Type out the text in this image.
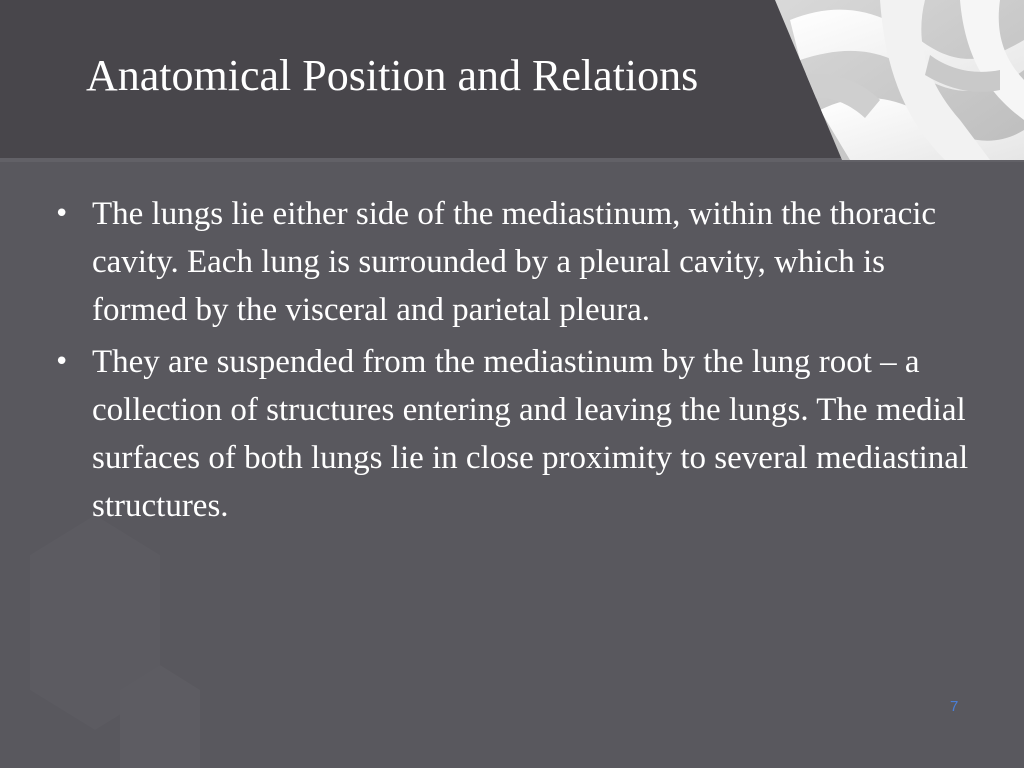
Anatomical Position and Relations
• The lungs lie either side of the mediastinum, within the thoracic cavity. Each lung is surrounded by a pleural cavity, which is formed by the visceral and parietal pleura.
• They are suspended from the mediastinum by the lung root – a collection of structures entering and leaving the lungs. The medial surfaces of both lungs lie in close proximity to several mediastinal structures.
7
